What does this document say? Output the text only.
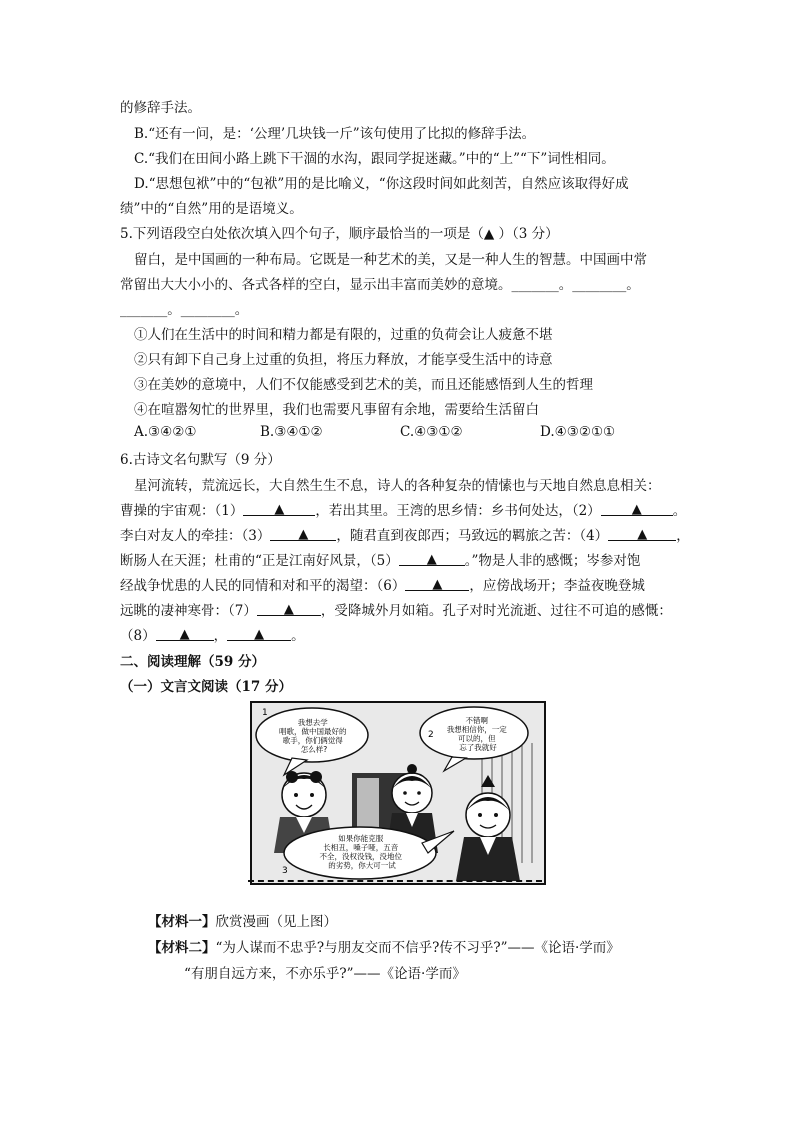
的修辞手法。
B.“还有一问，是：‘公理’几块钱一斤”该句使用了比拟的修辞手法。
C.“我们在田间小路上跳下干涸的水沟，跟同学捉迷藏。”中的“上”“下”词性相同。
D.“思想包袱”中的“包袱”用的是比喻义，“你这段时间如此刻苦，自然应该取得好成
绩”中的“自然”用的是语境义。
5.下列语段空白处依次填入四个句子，顺序最恰当的一项是（▲ ）（3 分）
留白，是中国画的一种布局。它既是一种艺术的美，又是一种人生的智慧。中国画中常
常留出大大小小的、各式各样的空白，显示出丰富而美妙的意境。_______。________。
_______。________。
①人们在生活中的时间和精力都是有限的，过重的负荷会让人疲惫不堪
②只有卸下自己身上过重的负担，将压力释放，才能享受生活中的诗意
③在美妙的意境中，人们不仅能感受到艺术的美，而且还能感悟到人生的哲理
④在喧嚣匆忙的世界里，我们也需要凡事留有余地，需要给生活留白
A.③④②①	B.③④①②	C.④③①②	D.④③②①①
6.古诗文名句默写（9 分）
星河流转，荒流远长，大自然生生不息，诗人的各种复杂的情愫也与天地自然息息相关：
曹操的宇宙观：（1） ▲ ，若出其里。王湾的思乡情：乡书何处达，（2） ▲ 。
李白对友人的牵挂：（3） ▲ ，随君直到夜郎西；马致远的羁旅之苦：（4） ▲ ，
断肠人在天涯；杜甫的“正是江南好风景，（5） ▲ 。”物是人非的感慨；岑参对饱
经战争忧患的人民的同情和对和平的渴望：（6） ▲ ，应傍战场开；李益夜晚登城
远眺的凄神寒骨：（7） ▲ ，受降城外月如箱。孔子对时光流逝、过往不可追的感慨：
（8） ▲ ， ▲ 。
二、阅读理解（59 分）
（一）文言文阅读（17 分）
1
我想去学 唱歌，做中国最好的 歌手，你们俩觉得 怎么样?
2
不错啊 我想相信你，一定 可以的，但 忘了我就好
3
如果你能克服 长相丑，嗓子哑，五音 不全，没权没钱，没地位 的劣势，你大可一试
【材料一】欣赏漫画（见上图）
【材料二】“为人谋而不忠乎?与朋友交而不信乎?传不习乎?”——《论语·学而》
“有朋自远方来，不亦乐乎?”——《论语·学而》
